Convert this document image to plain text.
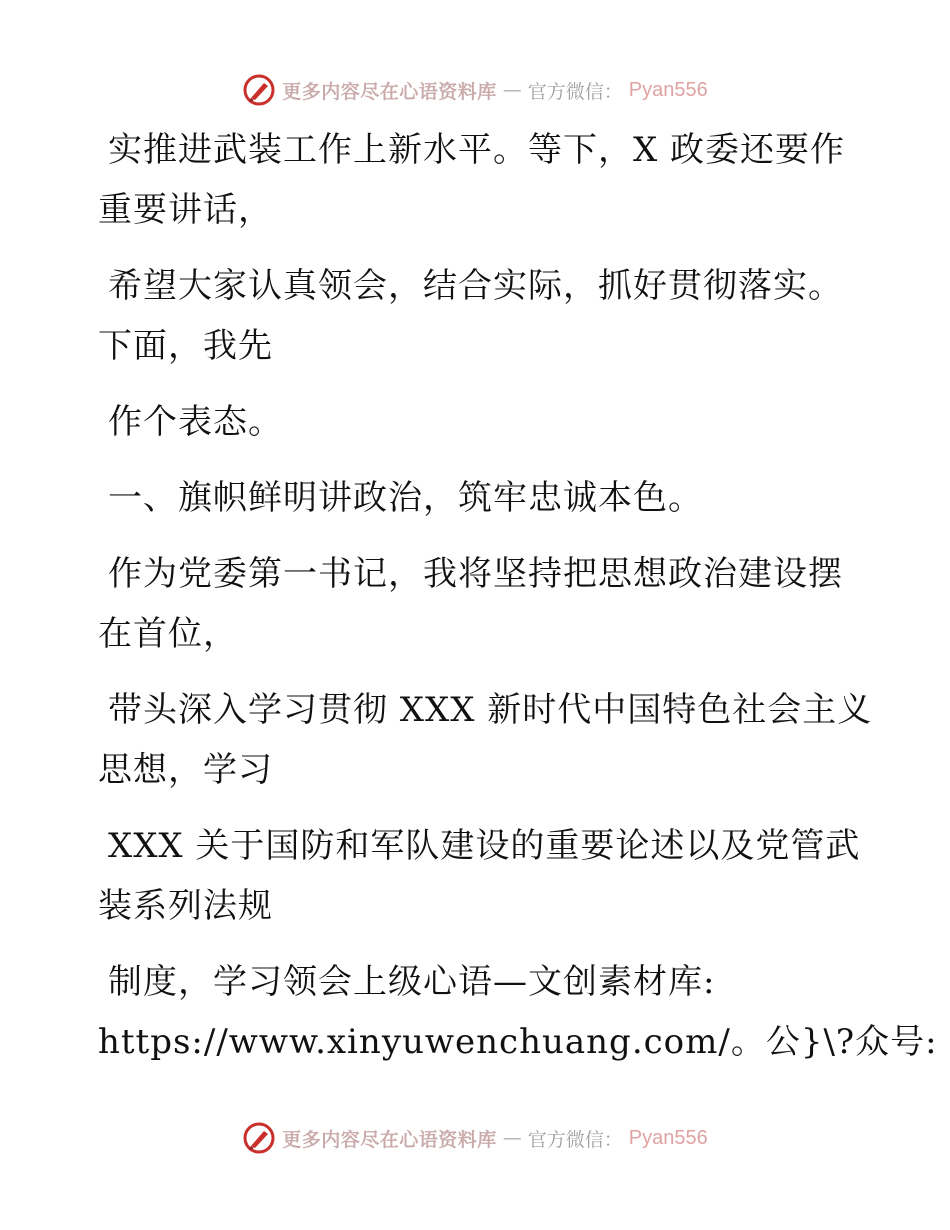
更多内容尽在心语资料库 — 官方微信： Pyan556
实推进武装工作上新水平。等下，X 政委还要作
重要讲话，
希望大家认真领会，结合实际，抓好贯彻落实。
下面，我先
作个表态。
一、旗帜鲜明讲政治，筑牢忠诚本色。
作为党委第一书记，我将坚持把思想政治建设摆
在首位，
带头深入学习贯彻 XXX 新时代中国特色社会主义
思想，学习
XXX 关于国防和军队建设的重要论述以及党管武
装系列法规
制度，学习领会上级心语—文创素材库:
https://www.xinyuwenchuang.com/。公}\?众号:
更多内容尽在心语资料库 — 官方微信： Pyan556
